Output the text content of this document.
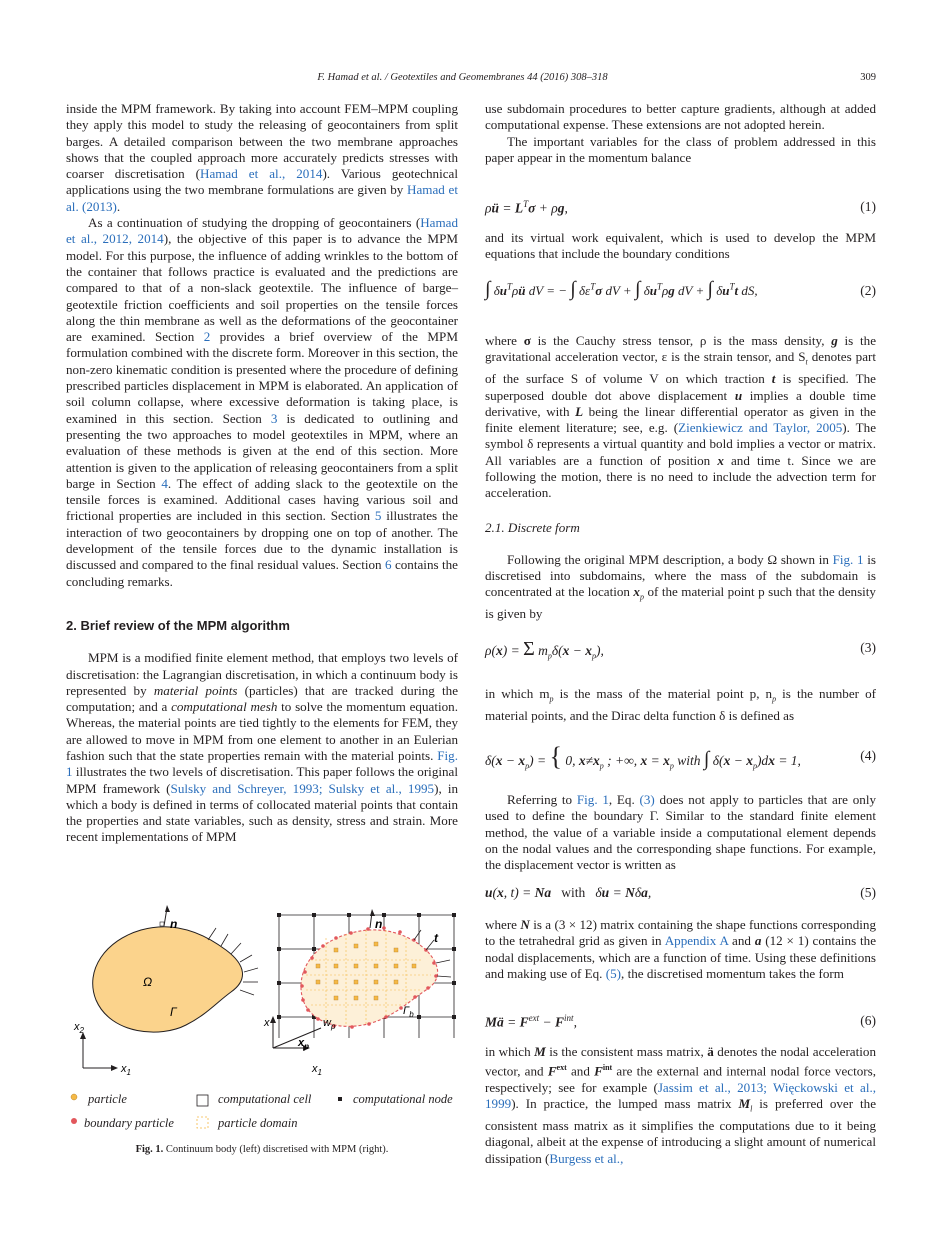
F. Hamad et al. / Geotextiles and Geomembranes 44 (2016) 308–318	309

inside the MPM framework. By taking into account FEM–MPM coupling they apply this model to study the releasing of geocontainers from split barges. A detailed comparison between the two membrane approaches shows that the coupled approach more accurately predicts stresses with coarser discretisation (Hamad et al., 2014). Various geotechnical applications using the two membrane formulations are given by Hamad et al. (2013).

As a continuation of studying the dropping of geocontainers (Hamad et al., 2012, 2014), the objective of this paper is to advance the MPM model. For this purpose, the influence of adding wrinkles to the bottom of the container that follows practice is evaluated and the predictions are compared to that of a non-slack geotextile. The influence of barge–geotextile friction coefficients and soil properties on the tensile forces along the thin membrane as well as the deformations of the geocontainer are examined. Section 2 provides a brief overview of the MPM formulation combined with the discrete form. Moreover in this section, the non-zero kinematic condition is presented where the procedure of defining prescribed particles displacement in MPM is elaborated. An application of soil column collapse, where excessive deformation is taking place, is examined in this section. Section 3 is dedicated to outlining and presenting the two approaches to model geotextiles in MPM, where an evaluation of these methods is given at the end of this section. More attention is given to the application of releasing geocontainers from a split barge in Section 4. The effect of adding slack to the geotextile on the tensile forces is examined. Additional cases having various soil and frictional properties are included in this section. Section 5 illustrates the interaction of two geocontainers by dropping one on top of another. The development of the tensile forces due to the dynamic installation is discussed and compared to the final residual values. Section 6 contains the concluding remarks.

2. Brief review of the MPM algorithm

MPM is a modified finite element method, that employs two levels of discretisation: the Lagrangian discretisation, in which a continuum body is represented by material points (particles) that are tracked during the computation; and a computational mesh to solve the momentum equation. Whereas, the material points are tied tightly to the elements for FEM, they are allowed to move in MPM from one element to another in an Eulerian fashion such that the state properties remain with the material points. Fig. 1 illustrates the two levels of discretisation. This paper follows the original MPM framework (Sulsky and Schreyer, 1993; Sulsky et al., 1995), in which a body is defined in terms of collocated material points that contain the properties and state variables, such as density, stress and strain. More recent implementations of MPM

n
Ω
Γ
$x_2$
$x_1$
n
t
$\Gamma_b$
x
$x_1$
$w_p$
$x_p$
particle
boundary particle
computational cell
particle domain
computational node
Fig. 1. Continuum body (left) discretised with MPM (right).

use subdomain procedures to better capture gradients, although at added computational expense. These extensions are not adopted herein.

The important variables for the class of problem addressed in this paper appear in the momentum balance

ρü = $L^T\sigma + \rho g$,	(1)

and its virtual work equivalent, which is used to develop the MPM equations that include the boundary conditions

∫ $\delta u^T\rho ü$ dV = − ∫ $\delta\varepsilon^T\sigma$ dV + ∫ $\delta u^T\rho g$ dV + ∫ $\delta u^Tt$ dS,	(2)

where σ is the Cauchy stress tensor, ρ is the mass density, g is the gravitational acceleration vector, ε is the strain tensor, and $S_t$ denotes part of the surface S of volume V on which traction t is specified. The superposed double dot above displacement u implies a double time derivative, with L being the linear differential operator as given in the finite element literature; see, e.g. (Zienkiewicz and Taylor, 2005). The symbol δ represents a virtual quantity and bold implies a vector or matrix. All variables are a function of position x and time t. Since we are following the motion, there is no need to include the advection term for acceleration.

2.1. Discrete form

Following the original MPM description, a body Ω shown in Fig. 1 is discretised into subdomains, where the mass of the subdomain is concentrated at the location $x_p$ of the material point p such that the density is given by

ρ(x) = Σ $m_p\delta(x - x_p)$,	(3)

in which $m_p$ is the mass of the material point p, $n_p$ is the number of material points, and the Dirac delta function δ is defined as

$\delta(x - x_p)$ = { 0, $x\ne x_p$ ; +∞, $x = x_p$ with ∫ $\delta(x - x_p)dx = 1$,	(4)

Referring to Fig. 1, Eq. (3) does not apply to particles that are only used to define the boundary Γ. Similar to the standard finite element method, the value of a variable inside a computational element depends on the nodal values and the corresponding shape functions. For example, the displacement vector is written as

u(x, t) = Na with   δu = Nδa,	(5)

where N is a (3 × 12) matrix containing the shape functions corresponding to the tetrahedral grid as given in Appendix A and a (12 × 1) contains the nodal displacements, which are a function of time. Using these definitions and making use of Eq. (5), the discretised momentum takes the form

Mä = $F^{ext} - F^{int}$,	(6)

in which M is the consistent mass matrix, ä denotes the nodal acceleration vector, and $F^{ext}$ and $F^{int}$ are the external and internal nodal force vectors, respectively; see for example (Jassim et al., 2013; Więckowski et al., 1999). In practice, the lumped mass matrix $M_l$ is preferred over the consistent mass matrix as it simplifies the computations due to it being diagonal, albeit at the expense of introducing a slight amount of numerical dissipation (Burgess et al.,
